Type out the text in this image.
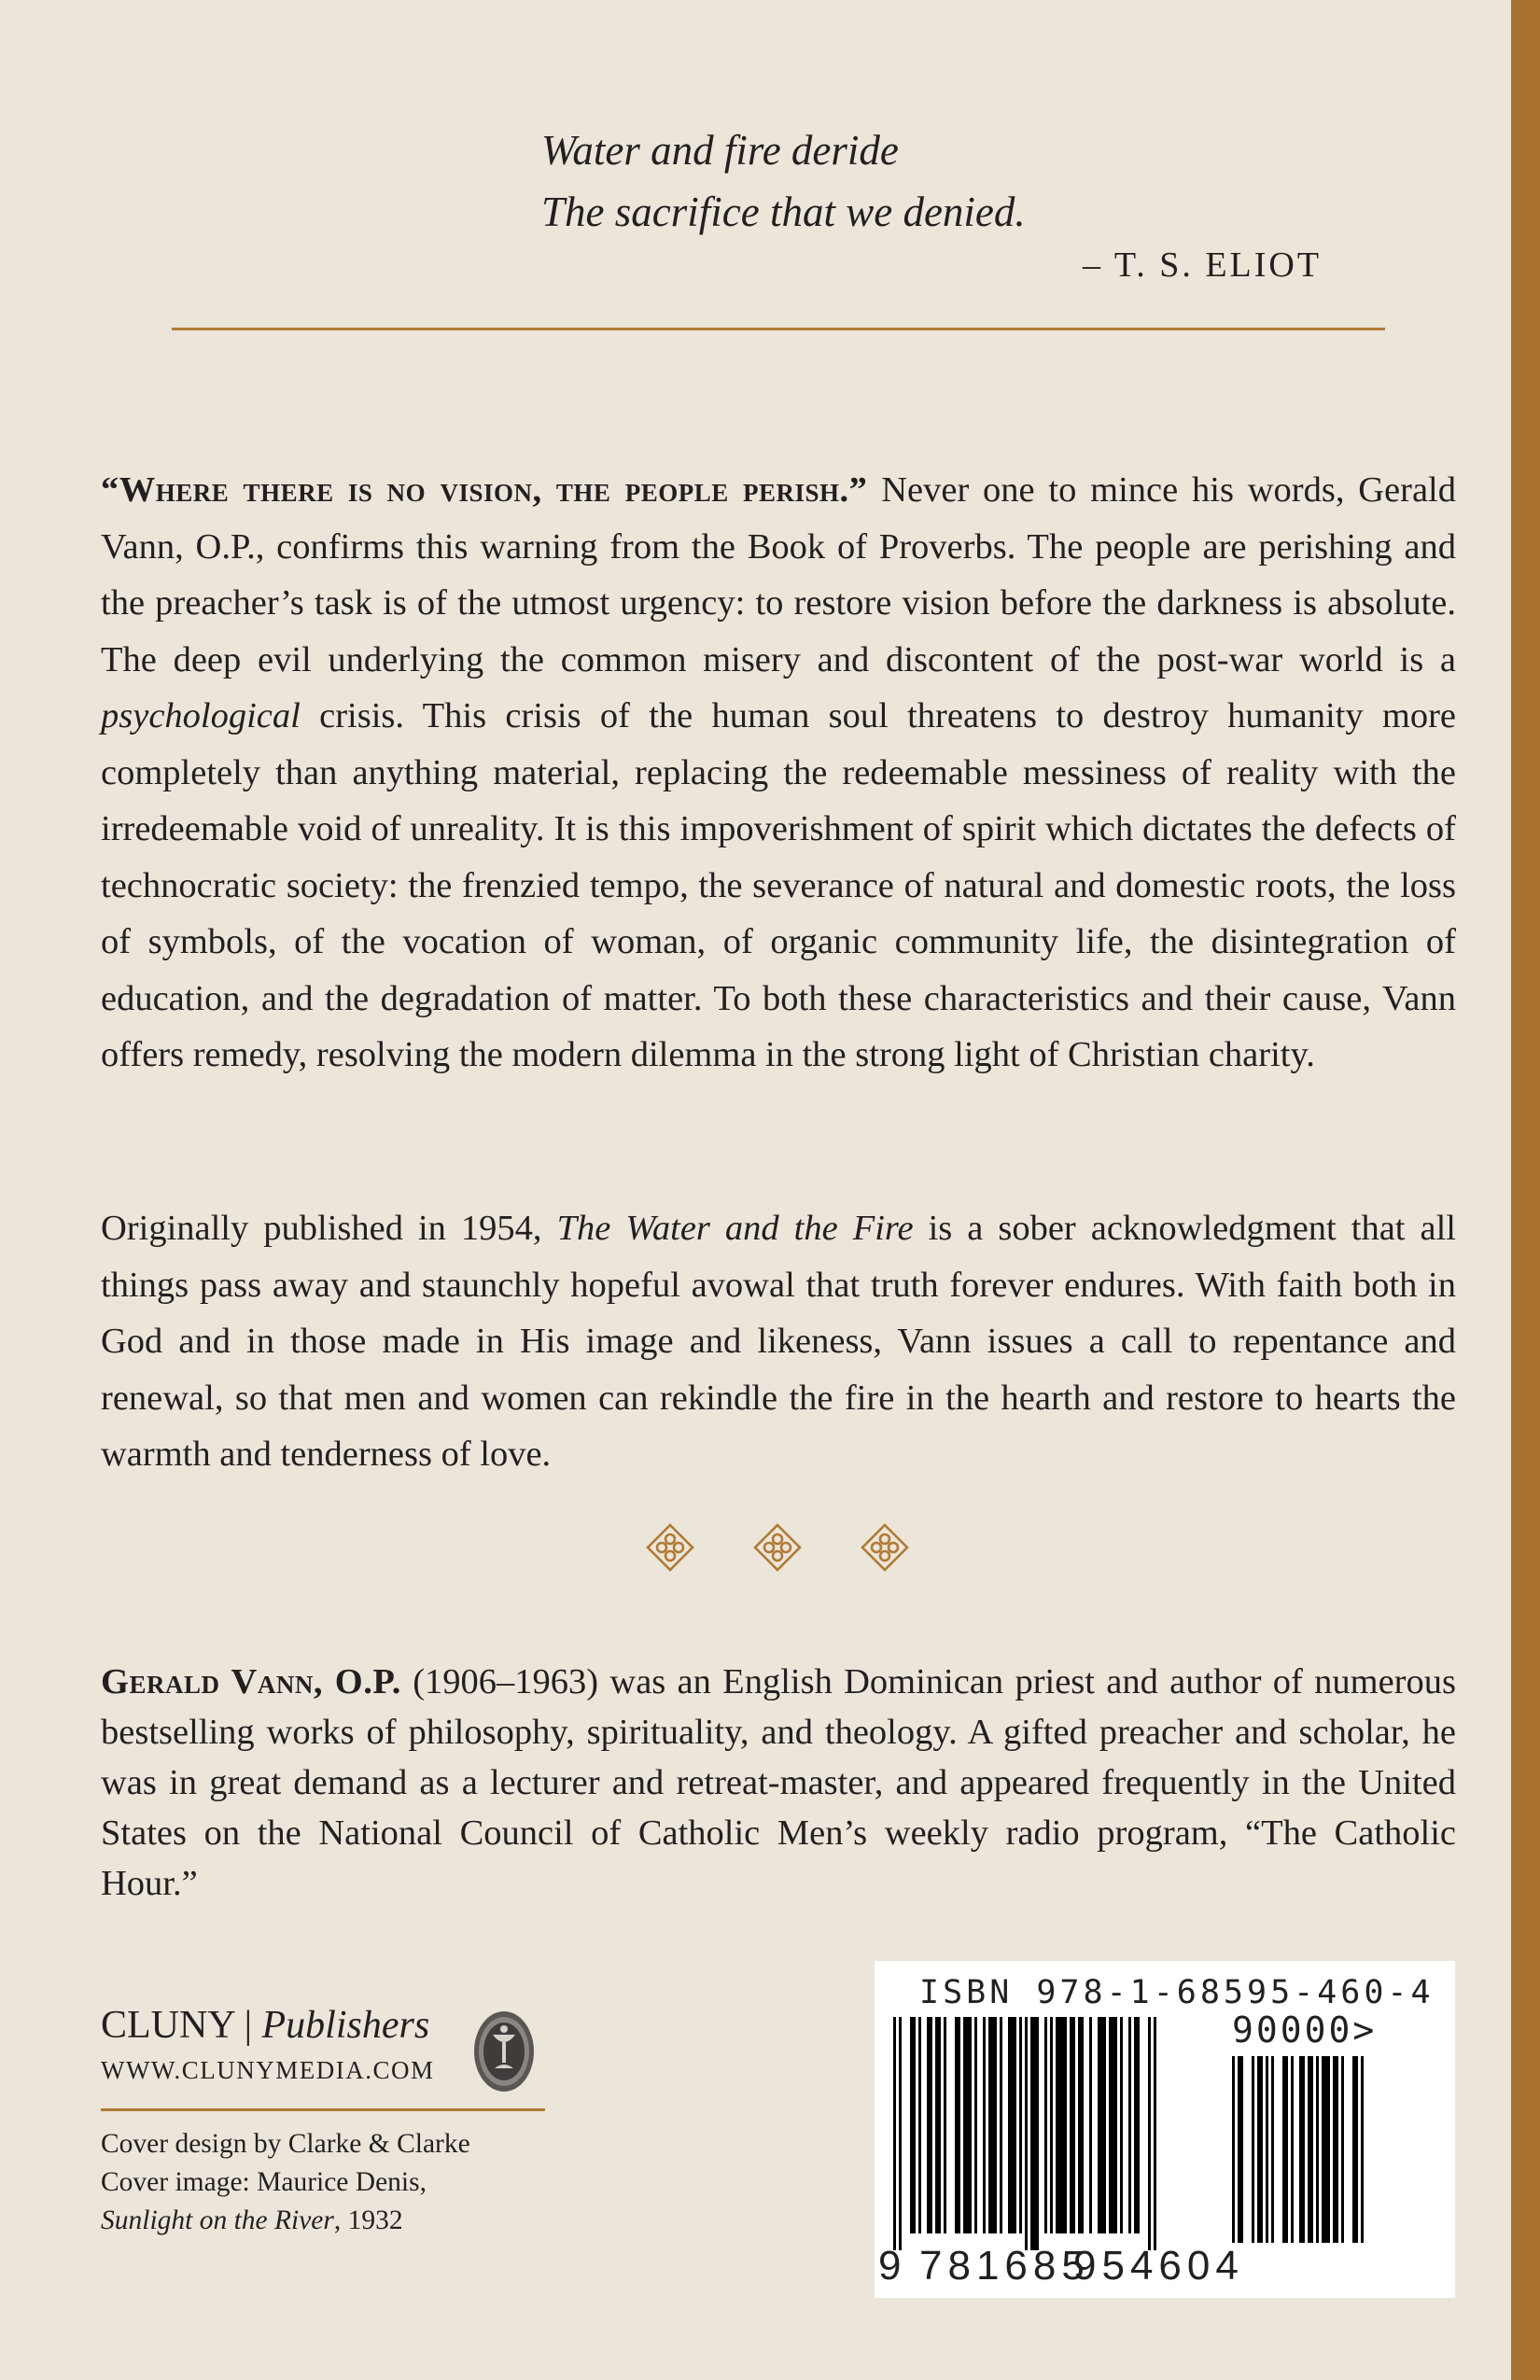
Water and fire deride
The sacrifice that we denied.
– T. S. ELIOT

“Where there is no vision, the people perish.” Never one to mince his words, Gerald Vann, O.P., confirms this warning from the Book of Proverbs. The people are perishing and the preacher’s task is of the utmost urgency: to restore vision before the darkness is absolute. The deep evil underlying the common misery and discontent of the post-war world is a psychological crisis. This crisis of the human soul threatens to destroy humanity more completely than anything material, replacing the redeemable messiness of reality with the irredeemable void of unreality. It is this impoverishment of spirit which dictates the defects of technocratic society: the frenzied tempo, the severance of natural and domestic roots, the loss of symbols, of the vocation of woman, of organic community life, the disintegration of education, and the degradation of matter. To both these characteristics and their cause, Vann offers remedy, resolving the modern dilemma in the strong light of Christian charity.

Originally published in 1954, The Water and the Fire is a sober acknowledgment that all things pass away and staunchly hopeful avowal that truth forever endures. With faith both in God and in those made in His image and likeness, Vann issues a call to repentance and renewal, so that men and women can rekindle the fire in the hearth and restore to hearts the warmth and tenderness of love.

Gerald Vann, O.P. (1906–1963) was an English Dominican priest and author of numerous bestselling works of philosophy, spirituality, and theology. A gifted preacher and scholar, he was in great demand as a lecturer and retreat-master, and appeared frequently in the United States on the National Council of Catholic Men’s weekly radio program, “The Catholic Hour.”

CLUNY | Publishers
WWW.CLUNYMEDIA.COM
Cover design by Clarke & Clarke
Cover image: Maurice Denis,
Sunlight on the River, 1932
ISBN 978-1-68595-460-4
90000>
9 781685
954604
